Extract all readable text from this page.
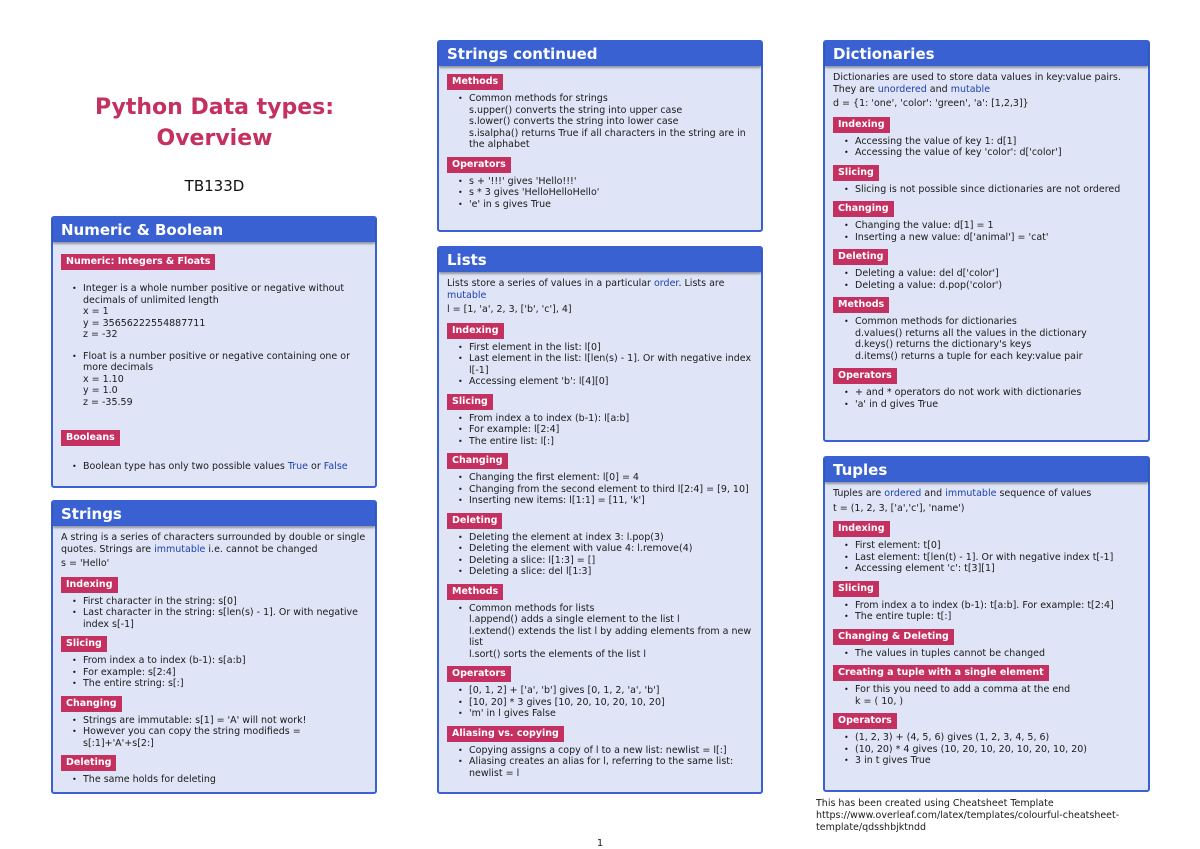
Python Data types:
Overview
TB133D
Numeric & Boolean
Numeric: Integers & Floats
• Integer is a whole number positive or negative without decimals of unlimited length
x = 1
y = 35656222554887711
z = -32
• Float is a number positive or negative containing one or more decimals
x = 1.10
y = 1.0
z = -35.59
Booleans
• Boolean type has only two possible values True or False
Strings
A string is a series of characters surrounded by double or single quotes. Strings are immutable i.e. cannot be changed
s = 'Hello'
Indexing
• First character in the string: s[0]
• Last character in the string: s[len(s) - 1]. Or with negative index s[-1]
Slicing
• From index a to index (b-1): s[a:b]
• For example: s[2:4]
• The entire string: s[:]
Changing
• Strings are immutable: s[1] = 'A' will not work!
• However you can copy the string modifieds = s[:1]+'A'+s[2:]
Deleting
• The same holds for deleting
Strings continued
Methods
• Common methods for strings
s.upper() converts the string into upper case
s.lower() converts the string into lower case
s.isalpha() returns True if all characters in the string are in the alphabet
Operators
• s + '!!!' gives 'Hello!!!'
• s * 3 gives 'HelloHelloHello'
• 'e' in s gives True
Lists
Lists store a series of values in a particular order. Lists are mutable
l = [1, 'a', 2, 3, ['b', 'c'], 4]
Indexing
• First element in the list: l[0]
• Last element in the list: l[len(s) - 1]. Or with negative index l[-1]
• Accessing element 'b': l[4][0]
Slicing
• From index a to index (b-1): l[a:b]
• For example: l[2:4]
• The entire list: l[:]
Changing
• Changing the first element: l[0] = 4
• Changing from the second element to third l[2:4] = [9, 10]
• Inserting new items: l[1:1] = [11, 'k']
Deleting
• Deleting the element at index 3: l.pop(3)
• Deleting the element with value 4: l.remove(4)
• Deleting a slice: l[1:3] = []
• Deleting a slice: del l[1:3]
Methods
• Common methods for lists
l.append() adds a single element to the list l
l.extend() extends the list l by adding elements from a new list
l.sort() sorts the elements of the list l
Operators
• [0, 1, 2] + ['a', 'b'] gives [0, 1, 2, 'a', 'b']
• [10, 20] * 3 gives [10, 20, 10, 20, 10, 20]
• 'm' in l gives False
Aliasing vs. copying
• Copying assigns a copy of l to a new list: newlist = l[:]
• Aliasing creates an alias for l, referring to the same list: newlist = l
Dictionaries
Dictionaries are used to store data values in key:value pairs. They are unordered and mutable
d = {1: 'one', 'color': 'green', 'a': [1,2,3]}
Indexing
• Accessing the value of key 1: d[1]
• Accessing the value of key 'color': d['color']
Slicing
• Slicing is not possible since dictionaries are not ordered
Changing
• Changing the value: d[1] = 1
• Inserting a new value: d['animal'] = 'cat'
Deleting
• Deleting a value: del d['color']
• Deleting a value: d.pop('color')
Methods
• Common methods for dictionaries
d.values() returns all the values in the dictionary
d.keys() returns the dictionary's keys
d.items() returns a tuple for each key:value pair
Operators
• + and * operators do not work with dictionaries
• 'a' in d gives True
Tuples
Tuples are ordered and immutable sequence of values
t = (1, 2, 3, ['a','c'], 'name')
Indexing
• First element: t[0]
• Last element: t[len(t) - 1]. Or with negative index t[-1]
• Accessing element 'c': t[3][1]
Slicing
• From index a to index (b-1): t[a:b]. For example: t[2:4]
• The entire tuple: t[:]
Changing & Deleting
• The values in tuples cannot be changed
Creating a tuple with a single element
• For this you need to add a comma at the end
k = ( 10, )
Operators
• (1, 2, 3) + (4, 5, 6) gives (1, 2, 3, 4, 5, 6)
• (10, 20) * 4 gives (10, 20, 10, 20, 10, 20, 10, 20)
• 3 in t gives True
This has been created using Cheatsheet Template https://www.overleaf.com/latex/templates/colourful-cheatsheet-template/qdsshbjktndd
1
